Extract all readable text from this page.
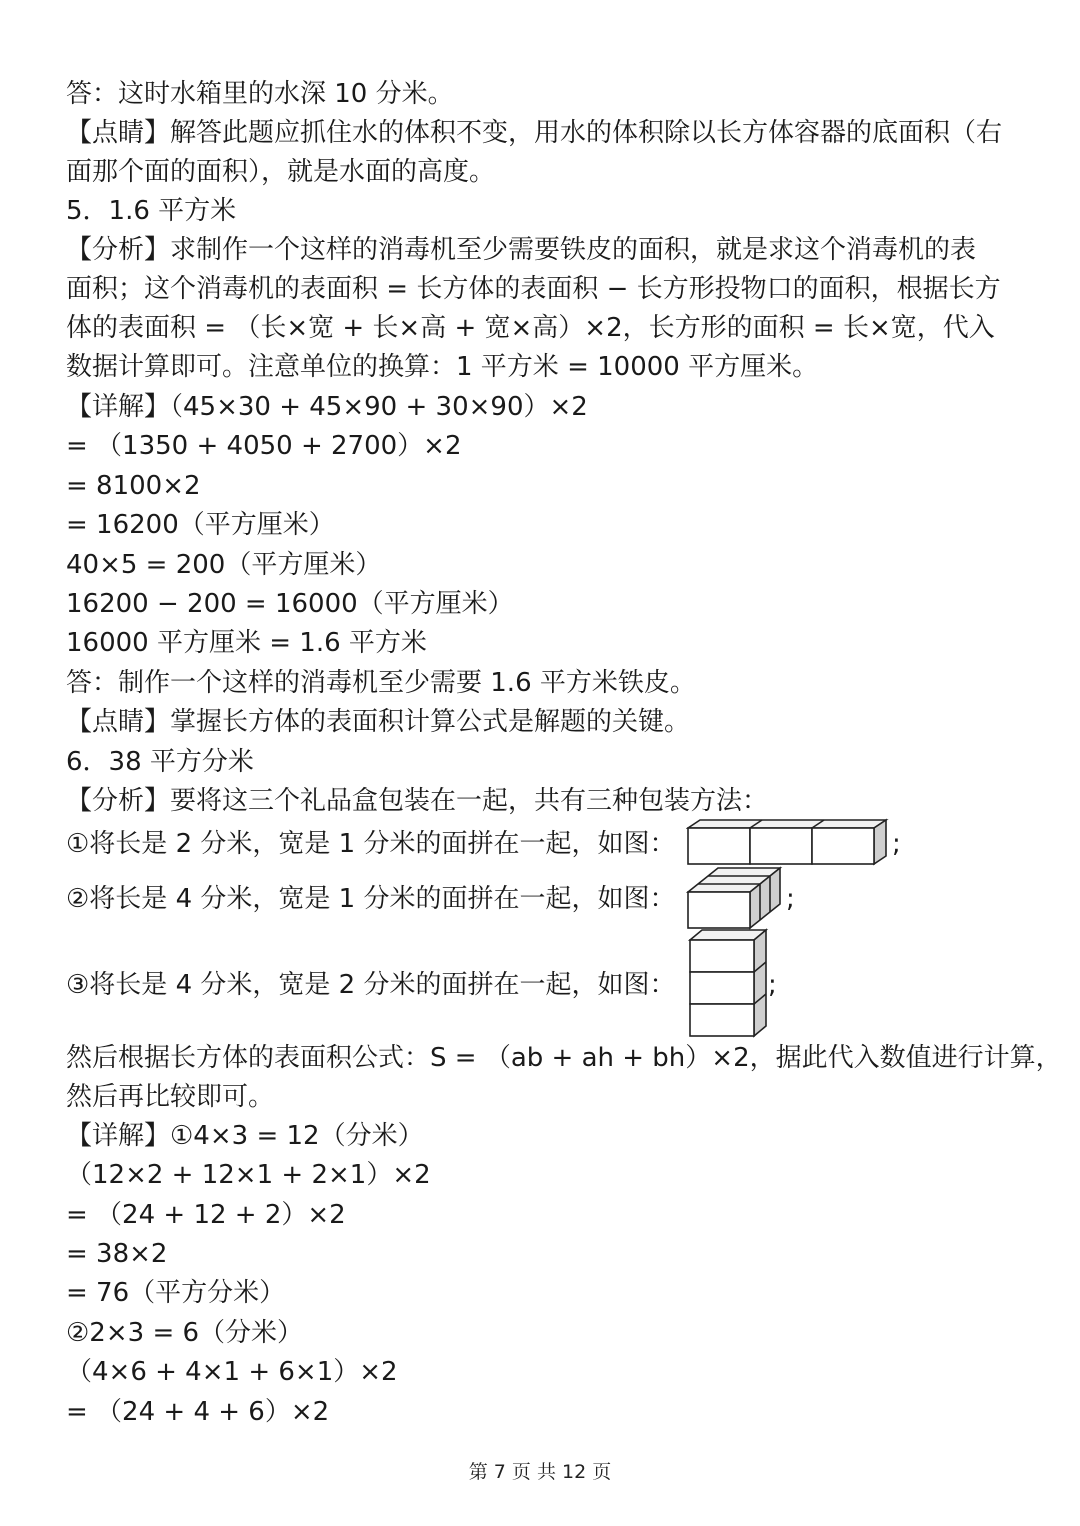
答：这时水箱里的水深 10 分米。
【点睛】解答此题应抓住水的体积不变，用水的体积除以长方体容器的底面积（右
面那个面的面积），就是水面的高度。
5．1.6 平方米
【分析】求制作一个这样的消毒机至少需要铁皮的面积，就是求这个消毒机的表
面积；这个消毒机的表面积 = 长方体的表面积 − 长方形投物口的面积，根据长方
体的表面积 = （长×宽 + 长×高 + 宽×高）×2，长方形的面积 = 长×宽，代入
数据计算即可。注意单位的换算：1 平方米 = 10000 平方厘米。
【详解】（45×30 + 45×90 + 30×90）×2
= （1350 + 4050 + 2700）×2
= 8100×2
= 16200（平方厘米）
40×5 = 200（平方厘米）
16200 − 200 = 16000（平方厘米）
16000 平方厘米 = 1.6 平方米
答：制作一个这样的消毒机至少需要 1.6 平方米铁皮。
【点睛】掌握长方体的表面积计算公式是解题的关键。
6．38 平方分米
【分析】要将这三个礼品盒包装在一起，共有三种包装方法：
①将长是 2 分米，宽是 1 分米的面拼在一起，如图：	;
②将长是 4 分米，宽是 1 分米的面拼在一起，如图：	;
③将长是 4 分米，宽是 2 分米的面拼在一起，如图：	;
然后根据长方体的表面积公式：S = （ab + ah + bh）×2，据此代入数值进行计算，
然后再比较即可。
【详解】①4×3 = 12（分米）
（12×2 + 12×1 + 2×1）×2
= （24 + 12 + 2）×2
= 38×2
= 76（平方分米）
②2×3 = 6（分米）
（4×6 + 4×1 + 6×1）×2
= （24 + 4 + 6）×2
第 7 页 共 12 页
